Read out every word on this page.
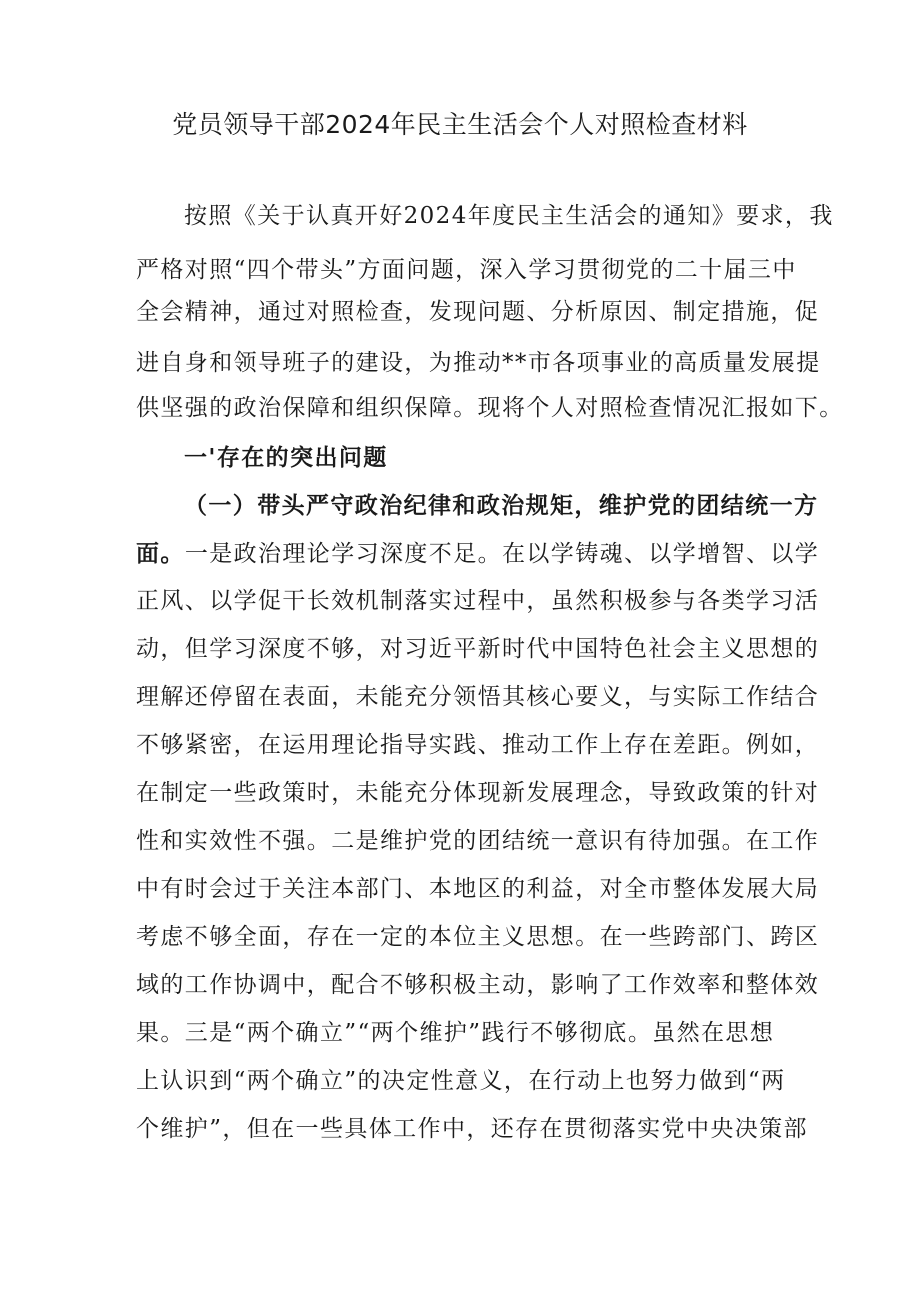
党员领导干部2024年民主生活会个人对照检查材料
按照《关于认真开好2024年度民主生活会的通知》要求，我
严格对照“四个带头”方面问题，深入学习贯彻党的二十届三中
全会精神，通过对照检查，发现问题、分析原因、制定措施，促
进自身和领导班子的建设，为推动**市各项事业的高质量发展提
供坚强的政治保障和组织保障。现将个人对照检查情况汇报如下。
一'存在的突出问题
（一）带头严守政治纪律和政治规矩，维护党的团结统一方
面。一是政治理论学习深度不足。在以学铸魂、以学增智、以学
正风、以学促干长效机制落实过程中，虽然积极参与各类学习活
动，但学习深度不够，对习近平新时代中国特色社会主义思想的
理解还停留在表面，未能充分领悟其核心要义，与实际工作结合
不够紧密，在运用理论指导实践、推动工作上存在差距。例如，
在制定一些政策时，未能充分体现新发展理念，导致政策的针对
性和实效性不强。二是维护党的团结统一意识有待加强。在工作
中有时会过于关注本部门、本地区的利益，对全市整体发展大局
考虑不够全面，存在一定的本位主义思想。在一些跨部门、跨区
域的工作协调中，配合不够积极主动，影响了工作效率和整体效
果。三是“两个确立”“两个维护”践行不够彻底。虽然在思想
上认识到“两个确立”的决定性意义，在行动上也努力做到“两
个维护”，但在一些具体工作中，还存在贯彻落实党中央决策部
